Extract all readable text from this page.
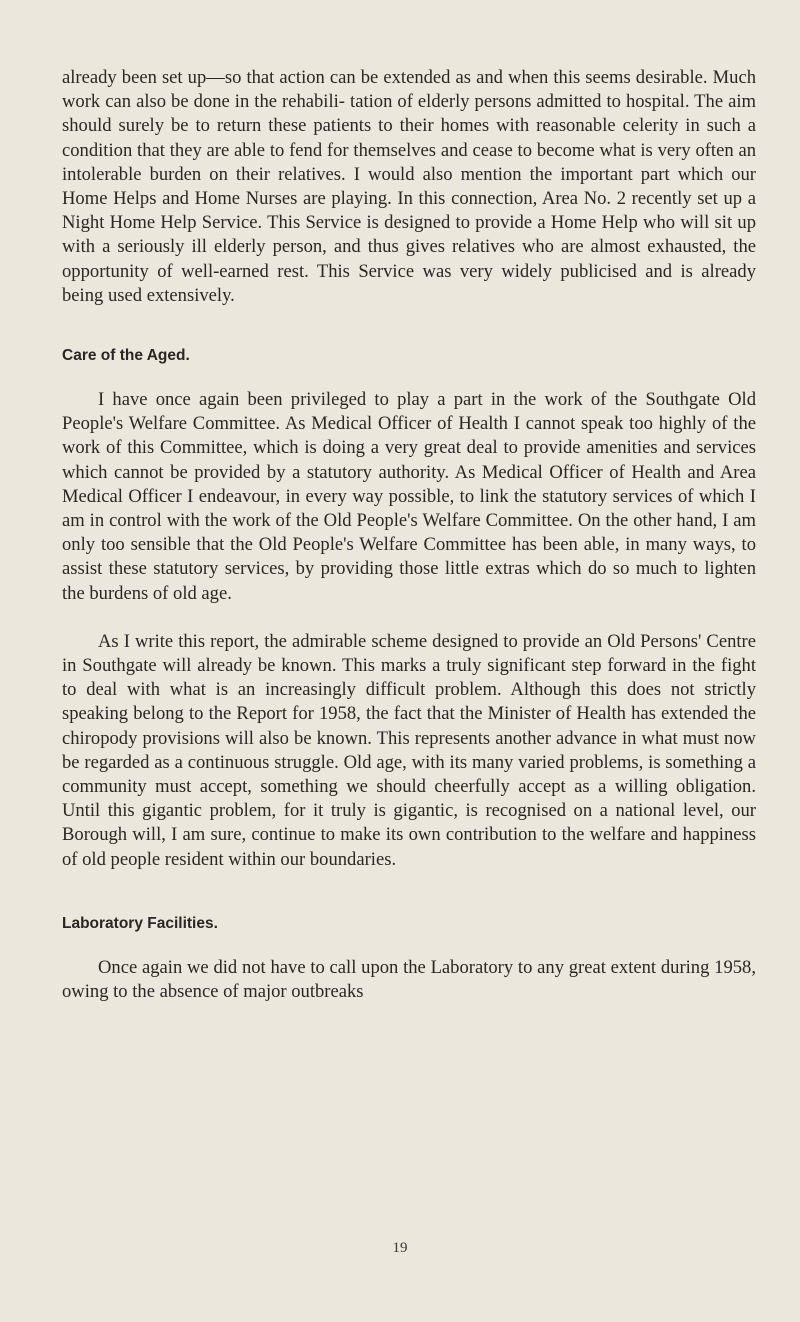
already been set up—so that action can be extended as and when this seems desirable. Much work can also be done in the rehabili- tation of elderly persons admitted to hospital. The aim should surely be to return these patients to their homes with reasonable celerity in such a condition that they are able to fend for themselves and cease to become what is very often an intolerable burden on their relatives. I would also mention the important part which our Home Helps and Home Nurses are playing. In this connection, Area No. 2 recently set up a Night Home Help Service. This Service is designed to provide a Home Help who will sit up with a seriously ill elderly person, and thus gives relatives who are almost exhausted, the opportunity of well-earned rest. This Service was very widely publicised and is already being used extensively.

Care of the Aged.

I have once again been privileged to play a part in the work of the Southgate Old People's Welfare Committee. As Medical Officer of Health I cannot speak too highly of the work of this Committee, which is doing a very great deal to provide amenities and services which cannot be provided by a statutory authority. As Medical Officer of Health and Area Medical Officer I endeavour, in every way possible, to link the statutory services of which I am in control with the work of the Old People's Welfare Committee. On the other hand, I am only too sensible that the Old People's Welfare Committee has been able, in many ways, to assist these statutory services, by providing those little extras which do so much to lighten the burdens of old age.

As I write this report, the admirable scheme designed to provide an Old Persons' Centre in Southgate will already be known. This marks a truly significant step forward in the fight to deal with what is an increasingly difficult problem. Although this does not strictly speaking belong to the Report for 1958, the fact that the Minister of Health has extended the chiropody provisions will also be known. This represents another advance in what must now be regarded as a continuous struggle. Old age, with its many varied problems, is something a community must accept, something we should cheerfully accept as a willing obligation. Until this gigantic problem, for it truly is gigantic, is recognised on a national level, our Borough will, I am sure, continue to make its own contribution to the welfare and happiness of old people resident within our boundaries.

Laboratory Facilities.

Once again we did not have to call upon the Laboratory to any great extent during 1958, owing to the absence of major outbreaks

19
